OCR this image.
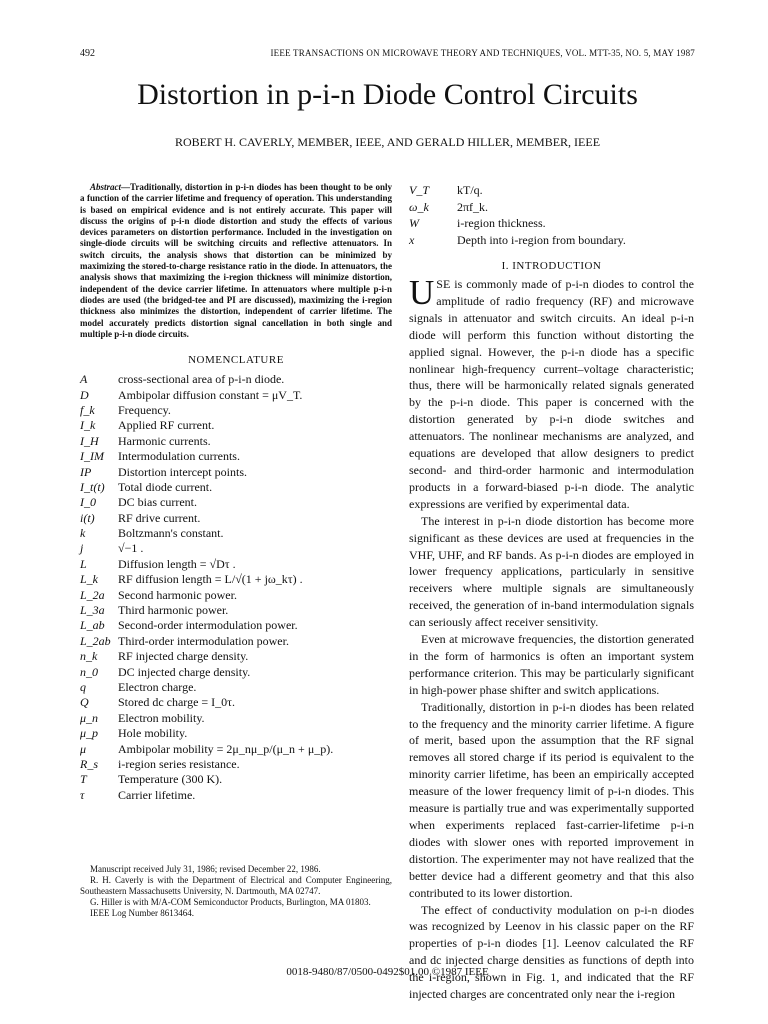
492	IEEE TRANSACTIONS ON MICROWAVE THEORY AND TECHNIQUES, VOL. MTT-35, NO. 5, MAY 1987
Distortion in p-i-n Diode Control Circuits
ROBERT H. CAVERLY, MEMBER, IEEE, AND GERALD HILLER, MEMBER, IEEE
Abstract—Traditionally, distortion in p-i-n diodes has been thought to be only a function of the carrier lifetime and frequency of operation. This understanding is based on empirical evidence and is not entirely accurate. This paper will discuss the origins of p-i-n diode distortion and study the effects of various devices parameters on distortion performance. Included in the investigation on single-diode circuits will be switching circuits and reflective attenuators. In switch circuits, the analysis shows that distortion can be minimized by maximizing the stored-to-charge resistance ratio in the diode. In attenuators, the analysis shows that maximizing the i-region thickness will minimize distortion, independent of the device carrier lifetime. In attenuators where multiple p-i-n diodes are used (the bridged-tee and PI are discussed), maximizing the i-region thickness also minimizes the distortion, independent of carrier lifetime. The model accurately predicts distortion signal cancellation in both single and multiple p-i-n diode circuits.
NOMENCLATURE
A	cross-sectional area of p-i-n diode.
D	Ambipolar diffusion constant = μV_T.
f_k	Frequency.
I_k	Applied RF current.
I_H	Harmonic currents.
I_IM	Intermodulation currents.
IP	Distortion intercept points.
I_t(t)	Total diode current.
I_0	DC bias current.
i(t)	RF drive current.
k	Boltzmann's constant.
j	√−1 .
L	Diffusion length = √Dτ .
L_k	RF diffusion length = L/√(1 + jω_kτ) .
L_2a	Second harmonic power.
L_3a	Third harmonic power.
L_ab	Second-order intermodulation power.
L_2ab Third-order intermodulation power.
n_k	RF injected charge density.
n_0	DC injected charge density.
q	Electron charge.
Q	Stored dc charge = I_0τ.
μ_n	Electron mobility.
μ_p	Hole mobility.
μ	Ambipolar mobility = 2μ_nμ_p/(μ_n + μ_p).
R_s	i-region series resistance.
T	Temperature (300 K).
τ	Carrier lifetime.

Manuscript received July 31, 1986; revised December 22, 1986.

R. H. Caverly is with the Department of Electrical and Computer Engineering, Southeastern Massachusetts University, N. Dartmouth, MA 02747.

G. Hiller is with M/A-COM Semiconductor Products, Burlington, MA 01803.

IEEE Log Number 8613464.

V_T	kT/q.
ω_k	2πf_k.
W	i-region thickness.
x	Depth into i-region from boundary.
I. INTRODUCTION

USE is commonly made of p-i-n diodes to control the amplitude of radio frequency (RF) and microwave signals in attenuator and switch circuits. An ideal p-i-n diode will perform this function without distorting the applied signal. However, the p-i-n diode has a specific nonlinear high-frequency current–voltage characteristic; thus, there will be harmonically related signals generated by the p-i-n diode. This paper is concerned with the distortion generated by p-i-n diode switches and attenuators. The nonlinear mechanisms are analyzed, and equations are developed that allow designers to predict second- and third-order harmonic and intermodulation products in a forward-biased p-i-n diode. The analytic expressions are verified by experimental data.

The interest in p-i-n diode distortion has become more significant as these devices are used at frequencies in the VHF, UHF, and RF bands. As p-i-n diodes are employed in lower frequency applications, particularly in sensitive receivers where multiple signals are simultaneously received, the generation of in-band intermodulation signals can seriously affect receiver sensitivity.

Even at microwave frequencies, the distortion generated in the form of harmonics is often an important system performance criterion. This may be particularly significant in high-power phase shifter and switch applications.

Traditionally, distortion in p-i-n diodes has been related to the frequency and the minority carrier lifetime. A figure of merit, based upon the assumption that the RF signal removes all stored charge if its period is equivalent to the minority carrier lifetime, has been an empirically accepted measure of the lower frequency limit of p-i-n diodes. This measure is partially true and was experimentally supported when experiments replaced fast-carrier-lifetime p-i-n diodes with slower ones with reported improvement in distortion. The experimenter may not have realized that the better device had a different geometry and that this also contributed to its lower distortion.

The effect of conductivity modulation on p-i-n diodes was recognized by Leenov in his classic paper on the RF properties of p-i-n diodes [1]. Leenov calculated the RF and dc injected charge densities as functions of depth into the i-region, shown in Fig. 1, and indicated that the RF injected charges are concentrated only near the i-region

0018-9480/87/0500-0492$01.00 ©1987 IEEE
